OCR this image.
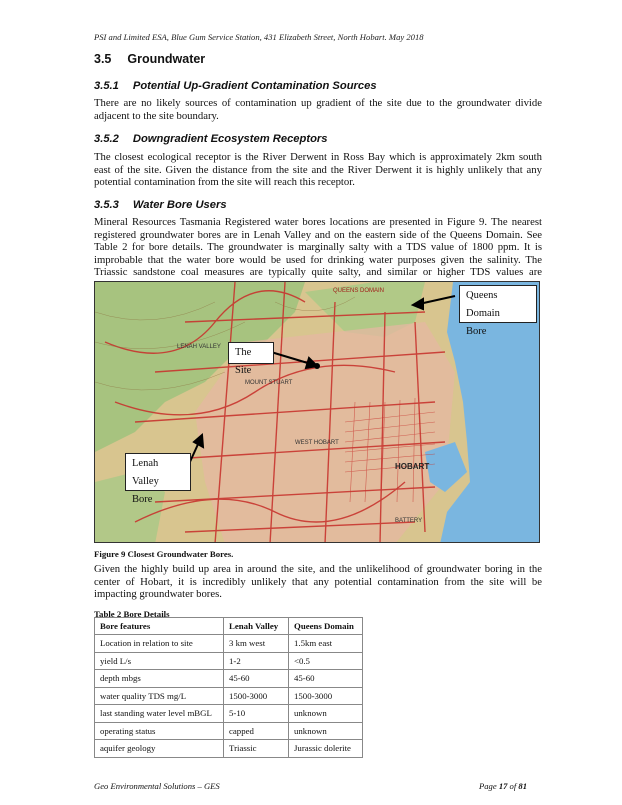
PSI and Limited ESA, Blue Gum Service Station, 431 Elizabeth Street, North Hobart. May 2018
3.5 Groundwater
3.5.1 Potential Up-Gradient Contamination Sources

There are no likely sources of contamination up gradient of the site due to the groundwater divide adjacent to the site boundary.

3.5.2 Downgradient Ecosystem Receptors

The closest ecological receptor is the River Derwent in Ross Bay which is approximately 2km south east of the site. Given the distance from the site and the River Derwent it is highly unlikely that any potential contamination from the site will reach this receptor.

3.5.3 Water Bore Users

Mineral Resources Tasmania Registered water bores locations are presented in Figure 9. The nearest registered groundwater bores are in Lenah Valley and on the eastern side of the Queens Domain. See Table 2 for bore details. The groundwater is marginally salty with a TDS value of 1800 ppm. It is improbable that the water bore would be used for drinking water purposes given the salinity. The Triassic sandstone coal measures are typically quite salty, and similar or higher TDS values are

QUEENS DOMAIN
LENAH VALLEY
MOUNT STUART
WEST HOBART
HOBART
BATTERY
Queens Domain
Bore
The Site
Lenah Valley
Bore
Figure 9 Closest Groundwater Bores.

Given the highly build up area in around the site, and the unlikelihood of groundwater boring in the center of Hobart, it is incredibly unlikely that any potential contamination from the site will be impacting groundwater bores.

Table 2 Bore Details
Bore features	Lenah Valley	Queens Domain
Location in relation to site	3 km west	1.5km east
yield L/s	1-2	<0.5
depth mbgs	45-60	45-60
water quality TDS mg/L	1500-3000	1500-3000
last standing water level mBGL	5-10	unknown
operating status	capped	unknown
aquifer geology	Triassic	Jurassic dolerite
Geo Environmental Solutions – GES	Page 17 of 81
